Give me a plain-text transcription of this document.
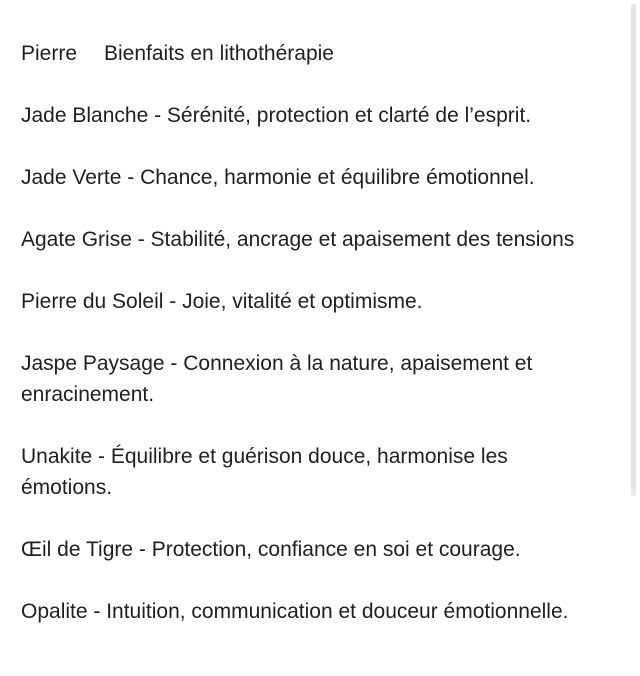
Pierre Bienfaits en lithothérapie
Jade Blanche - Sérénité, protection et clarté de l’esprit.
Jade Verte - Chance, harmonie et équilibre émotionnel.
Agate Grise - Stabilité, ancrage et apaisement des tensions
Pierre du Soleil - Joie, vitalité et optimisme.
Jaspe Paysage - Connexion à la nature, apaisement et
enracinement.
Unakite - Équilibre et guérison douce, harmonise les
émotions.
Œil de Tigre - Protection, confiance en soi et courage.
Opalite - Intuition, communication et douceur émotionnelle.
